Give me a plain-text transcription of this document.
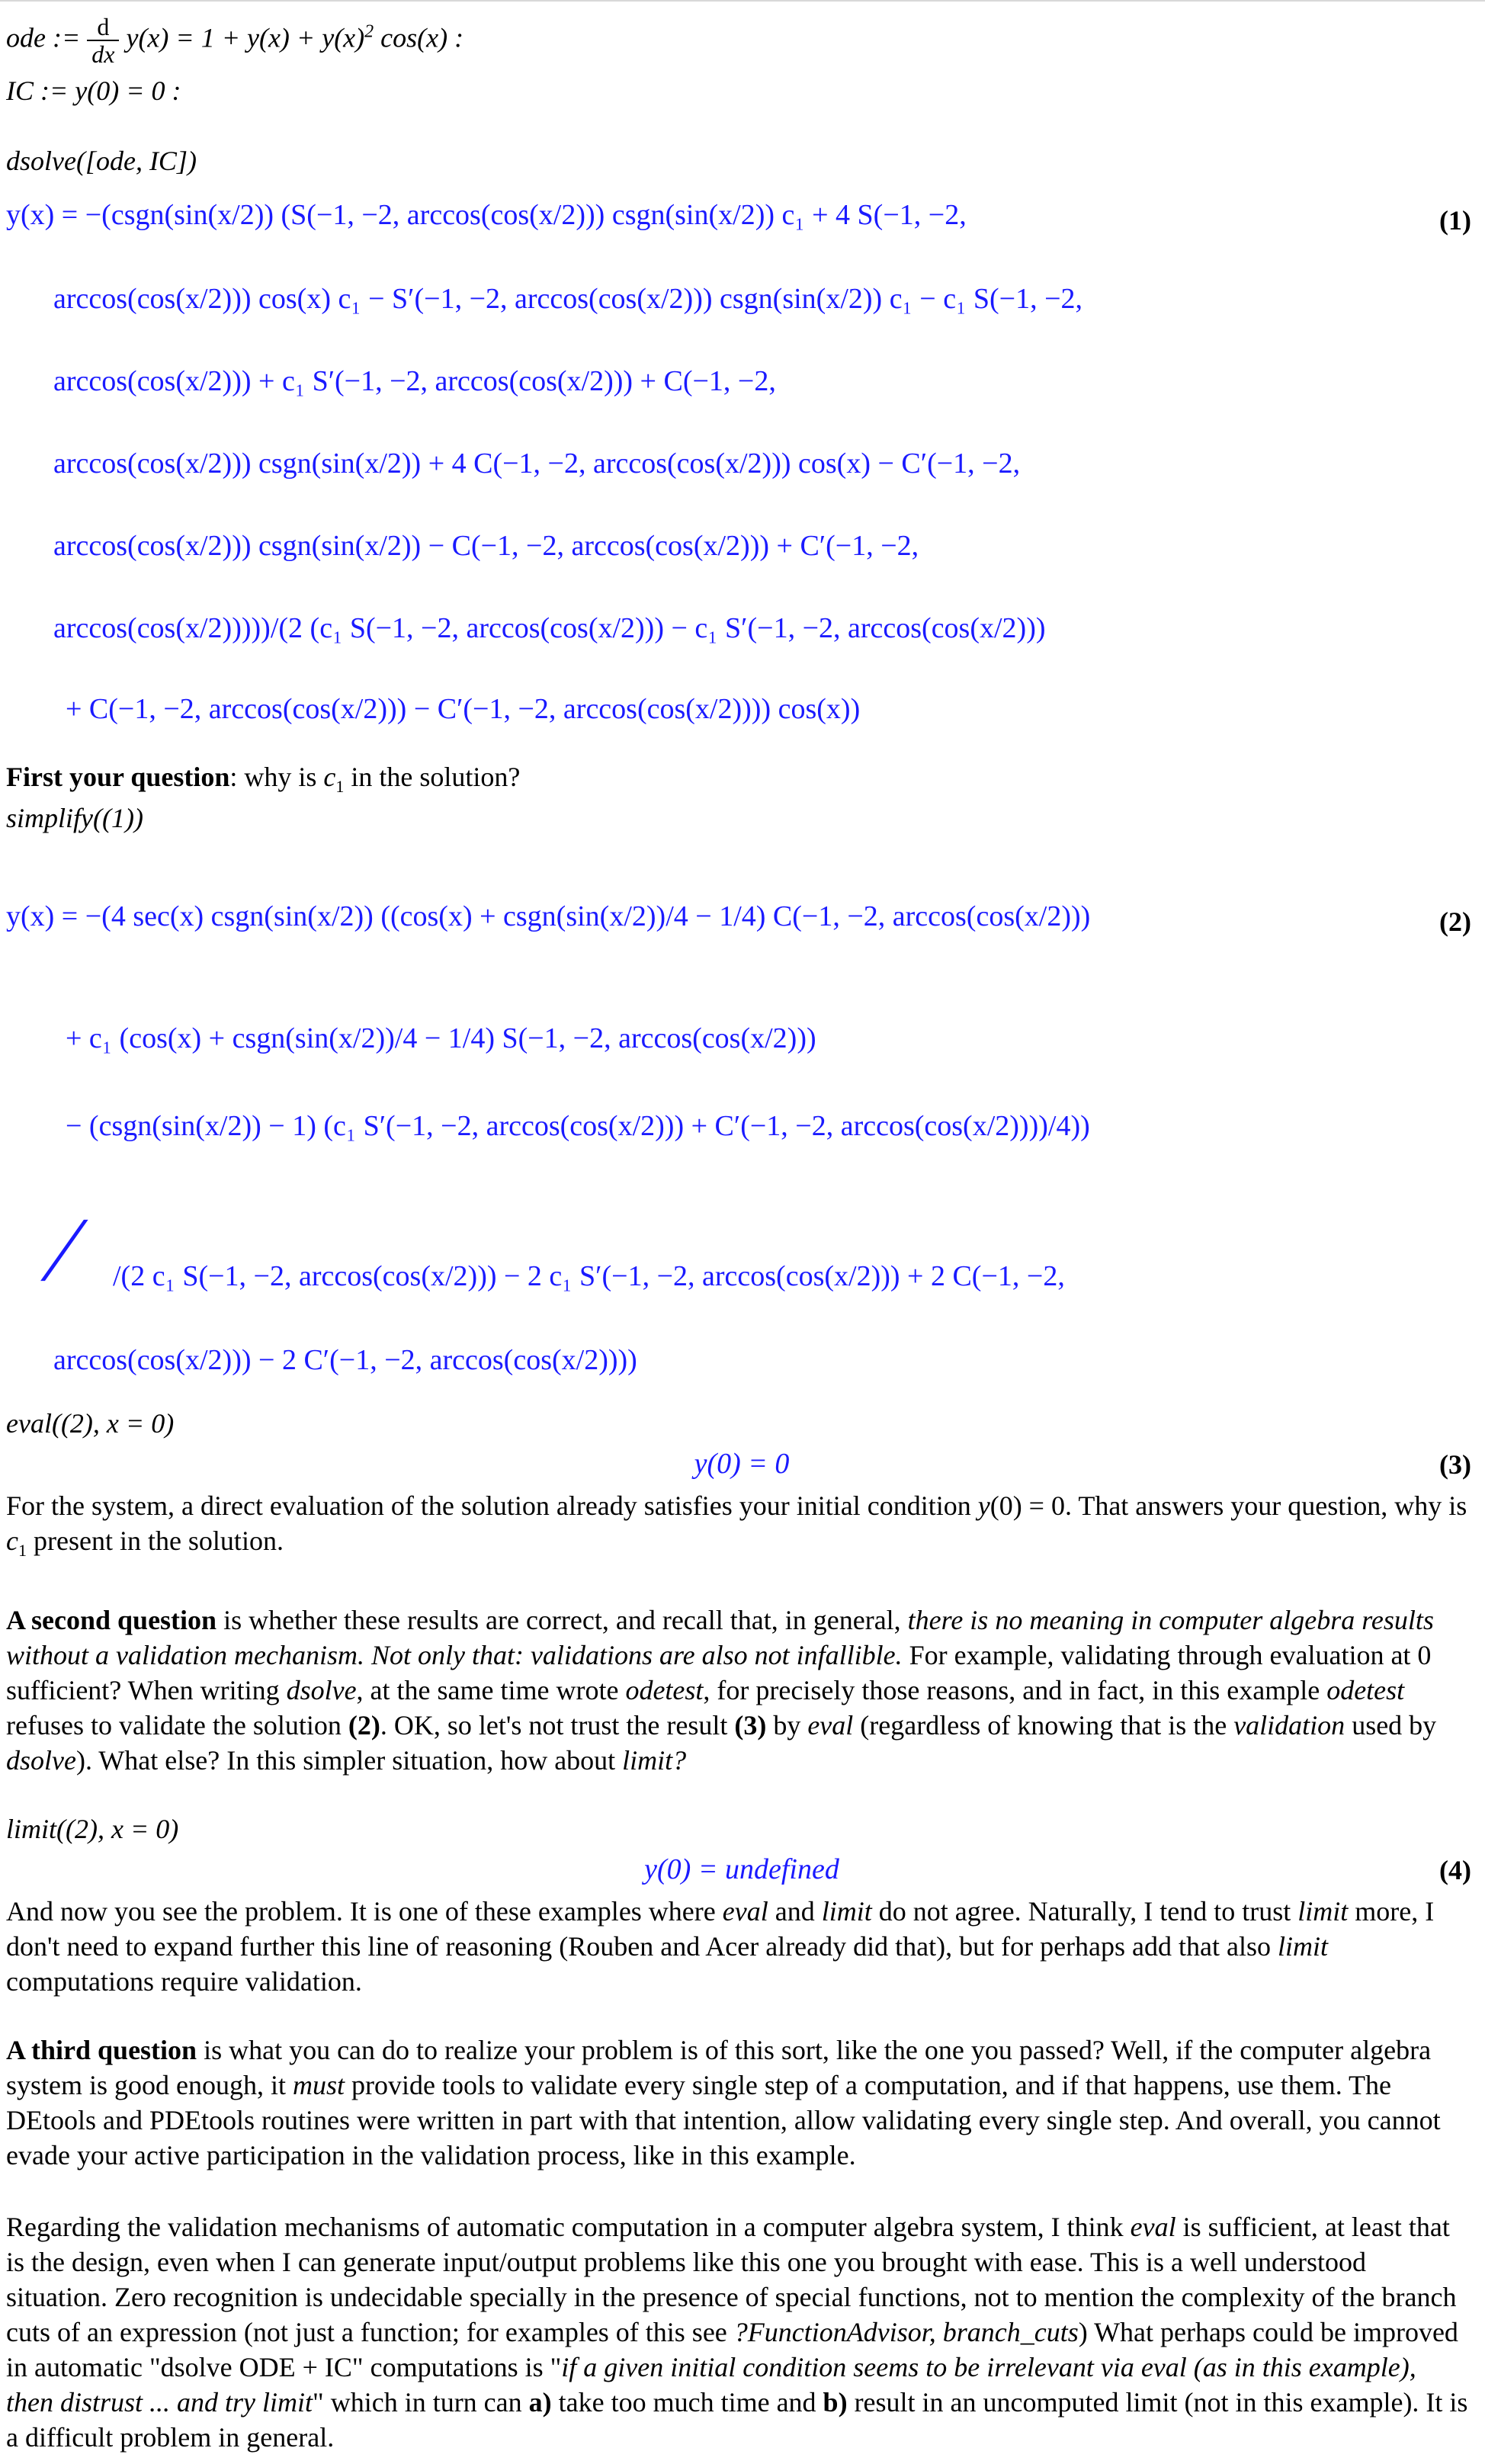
ode := $\frac{d}{dx} y(x) = 1 + y(x) + y(x)^2$ cos(x) :
IC := y(0) = 0 :
dsolve([ode, IC])
y(x) = −(csgn(sin(x/2)) (S(−1, −2, arccos(cos(x/2))) csgn(sin(x/2)) c₁ + 4 S(−1, −2,
arccos(cos(x/2))) cos(x) c₁ − S′(−1, −2, arccos(cos(x/2))) csgn(sin(x/2)) c₁ − c₁ S(−1, −2,
arccos(cos(x/2))) + c₁ S′(−1, −2, arccos(cos(x/2))) + C(−1, −2,
arccos(cos(x/2))) csgn(sin(x/2)) + 4 C(−1, −2, arccos(cos(x/2))) cos(x) − C′(−1, −2,
arccos(cos(x/2))) csgn(sin(x/2)) − C(−1, −2, arccos(cos(x/2))) + C′(−1, −2,
arccos(cos(x/2)))))/(2 (c₁ S(−1, −2, arccos(cos(x/2))) − c₁ S′(−1, −2, arccos(cos(x/2)))
+ C(−1, −2, arccos(cos(x/2))) − C′(−1, −2, arccos(cos(x/2)))) cos(x))
(1)
First your question: why is $c_1$ in the solution?
simplify((1))
y(x) = −(4 sec(x) csgn(sin(x/2)) ((cos(x) + csgn(sin(x/2))/4 − 1/4) C(−1, −2, arccos(cos(x/2)))
+ c₁ (cos(x) + csgn(sin(x/2))/4 − 1/4) S(−1, −2, arccos(cos(x/2)))
− (csgn(sin(x/2)) − 1) (c₁ S′(−1, −2, arccos(cos(x/2))) + C′(−1, −2, arccos(cos(x/2))))/4))
/ /(2 c₁ S(−1, −2, arccos(cos(x/2))) − 2 c₁ S′(−1, −2, arccos(cos(x/2))) + 2 C(−1, −2,
arccos(cos(x/2))) − 2 C′(−1, −2, arccos(cos(x/2))))
(2)
eval((2), x = 0)
y(0) = 0	(3)
For the system, a direct evaluation of the solution already satisfies your initial condition y(0) = 0. That answers your question, why is $c_1$ present in the solution.
A second question is whether these results are correct, and recall that, in general, there is no meaning in computer algebra results without a validation mechanism. Not only that: validations are also not infallible. For example, validating through evaluation at 0 sufficient? When writing dsolve, at the same time wrote odetest, for precisely those reasons, and in fact, in this example odetest refuses to validate the solution (2). OK, so let's not trust the result (3) by eval (regardless of knowing that is the validation used by dsolve). What else? In this simpler situation, how about limit?
limit((2), x = 0)
y(0) = undefined	(4)
And now you see the problem. It is one of these examples where eval and limit do not agree. Naturally, I tend to trust limit more, I don't need to expand further this line of reasoning (Rouben and Acer already did that), but for perhaps add that also limit computations require validation.
A third question is what you can do to realize your problem is of this sort, like the one you passed? Well, if the computer algebra system is good enough, it must provide tools to validate every single step of a computation, and if that happens, use them. The DEtools and PDEtools routines were written in part with that intention, allow validating every single step. And overall, you cannot evade your active participation in the validation process, like in this example.
Regarding the validation mechanisms of automatic computation in a computer algebra system, I think eval is sufficient, at least that is the design, even when I can generate input/output problems like this one you brought with ease. This is a well understood situation. Zero recognition is undecidable specially in the presence of special functions, not to mention the complexity of the branch cuts of an expression (not just a function; for examples of this see ?FunctionAdvisor, branch_cuts) What perhaps could be improved in automatic "dsolve ODE + IC" computations is "if a given initial condition seems to be irrelevant via eval (as in this example), then distrust ... and try limit" which in turn can a) take too much time and b) result in an uncomputed limit (not in this example). It is a difficult problem in general.
